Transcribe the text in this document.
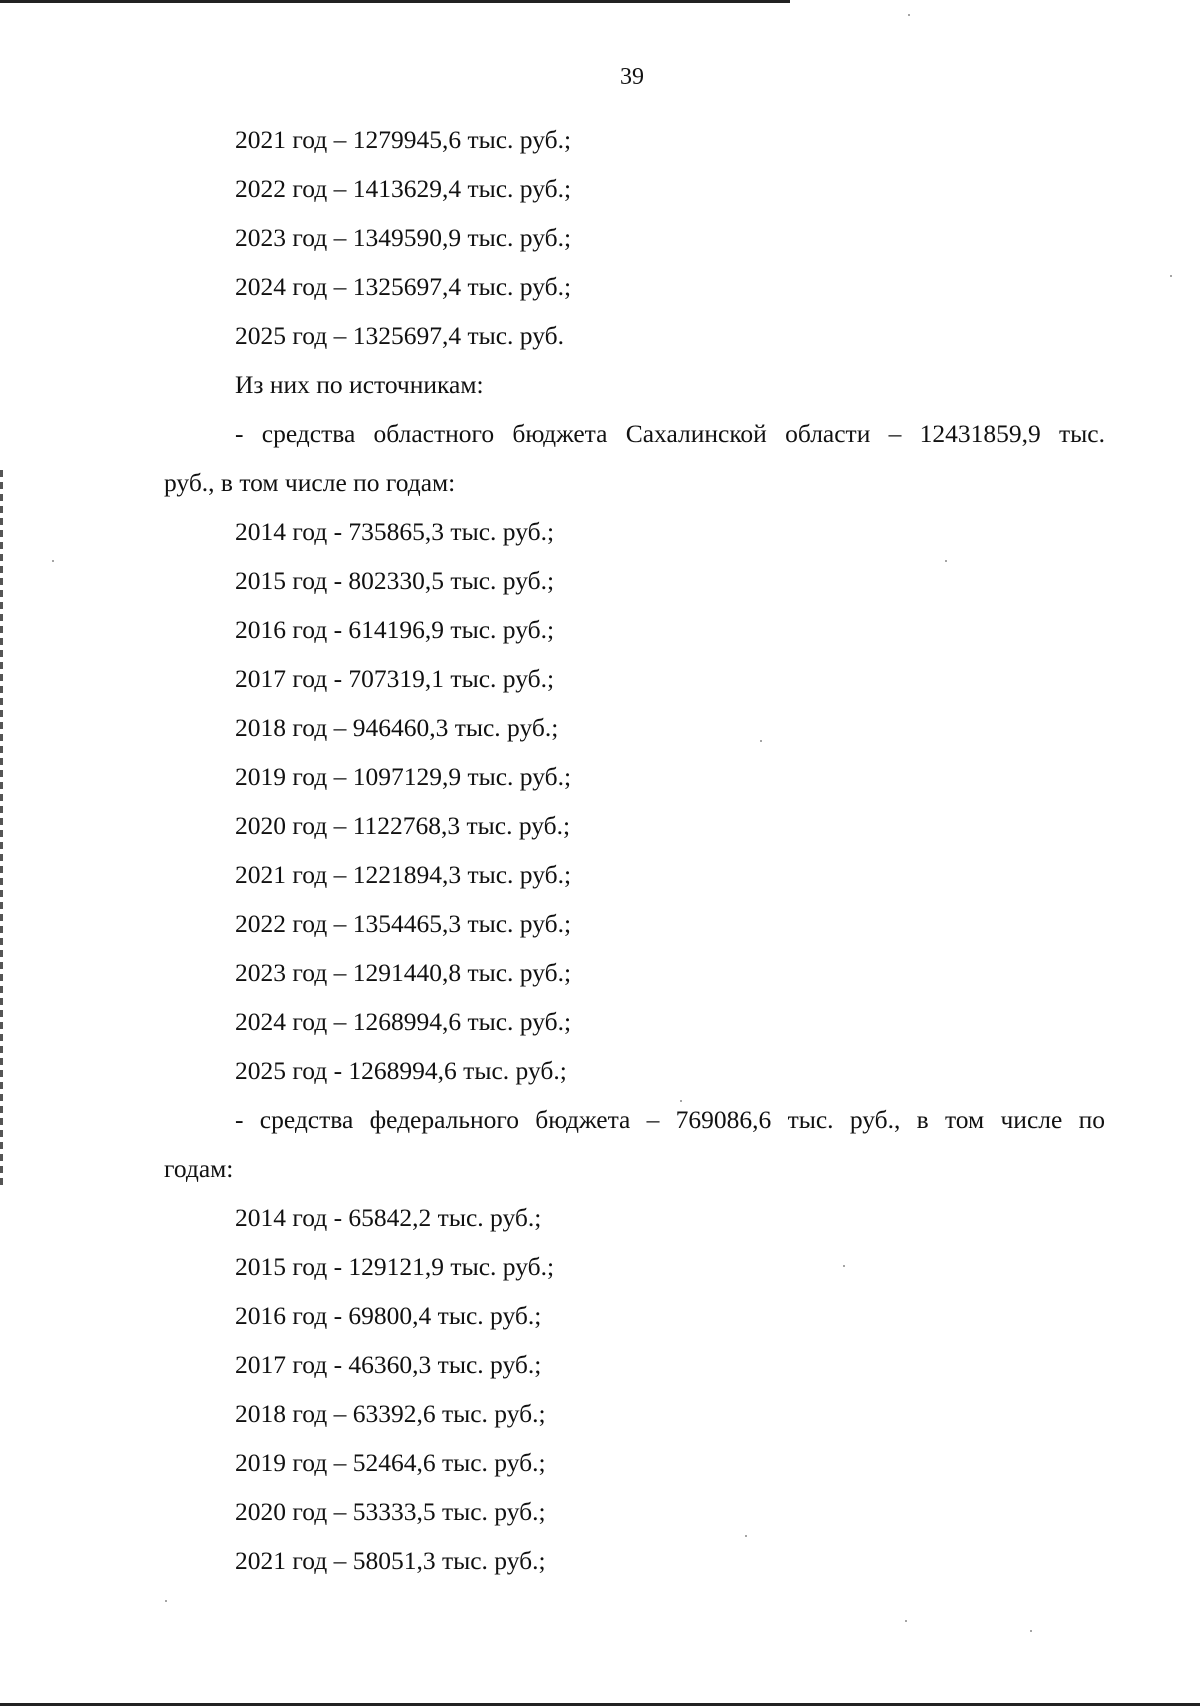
39
2021 год – 1279945,6 тыс. руб.;
2022 год – 1413629,4 тыс. руб.;
2023 год – 1349590,9 тыс. руб.;
2024 год – 1325697,4 тыс. руб.;
2025 год – 1325697,4 тыс. руб.
Из них по источникам:
- средства областного бюджета Сахалинской области – 12431859,9 тыс.
руб., в том числе по годам:
2014 год - 735865,3 тыс. руб.;
2015 год - 802330,5 тыс. руб.;
2016 год - 614196,9 тыс. руб.;
2017 год - 707319,1 тыс. руб.;
2018 год – 946460,3 тыс. руб.;
2019 год – 1097129,9 тыс. руб.;
2020 год – 1122768,3 тыс. руб.;
2021 год – 1221894,3 тыс. руб.;
2022 год – 1354465,3 тыс. руб.;
2023 год – 1291440,8 тыс. руб.;
2024 год – 1268994,6 тыс. руб.;
2025 год - 1268994,6 тыс. руб.;
- средства федерального бюджета – 769086,6 тыс. руб., в том числе по
годам:
2014 год - 65842,2 тыс. руб.;
2015 год - 129121,9 тыс. руб.;
2016 год - 69800,4 тыс. руб.;
2017 год - 46360,3 тыс. руб.;
2018 год – 63392,6 тыс. руб.;
2019 год – 52464,6 тыс. руб.;
2020 год – 53333,5 тыс. руб.;
2021 год – 58051,3 тыс. руб.;
